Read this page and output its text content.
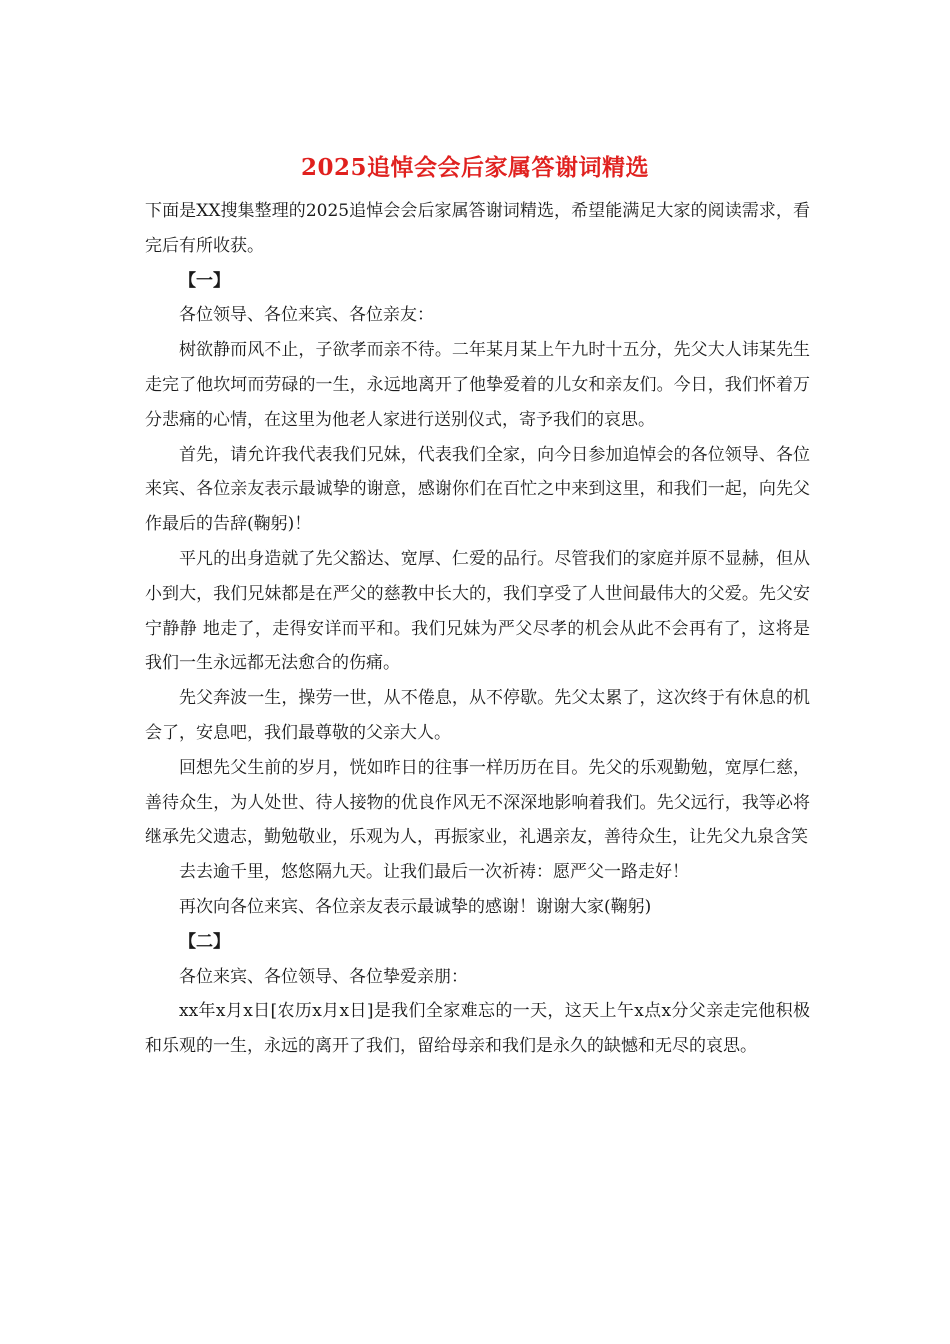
2025追悼会会后家属答谢词精选

下面是XX搜集整理的2025追悼会会后家属答谢词精选，希望能满足大家的阅读需求，看完后有所收获。

【一】

各位领导、各位来宾、各位亲友：

树欲静而风不止，子欲孝而亲不待。二年某月某上午九时十五分，先父大人讳某先生走完了他坎坷而劳碌的一生，永远地离开了他挚爱着的儿女和亲友们。今日，我们怀着万分悲痛的心情，在这里为他老人家进行送别仪式，寄予我们的哀思。

首先，请允许我代表我们兄妹，代表我们全家，向今日参加追悼会的各位领导、各位来宾、各位亲友表示最诚挚的谢意，感谢你们在百忙之中来到这里，和我们一起，向先父作最后的告辞(鞠躬)！

平凡的出身造就了先父豁达、宽厚、仁爱的品行。尽管我们的家庭并原不显赫，但从小到大，我们兄妹都是在严父的慈教中长大的，我们享受了人世间最伟大的父爱。先父安宁静静 地走了，走得安详而平和。我们兄妹为严父尽孝的机会从此不会再有了，这将是我们一生永远都无法愈合的伤痛。

先父奔波一生，操劳一世，从不倦息，从不停歇。先父太累了，这次终于有休息的机会了，安息吧，我们最尊敬的父亲大人。

回想先父生前的岁月，恍如昨日的往事一样历历在目。先父的乐观勤勉，宽厚仁慈，善待众生，为人处世、待人接物的优良作风无不深深地影响着我们。先父远行，我等必将继承先父遗志，勤勉敬业，乐观为人，再振家业，礼遇亲友，善待众生，让先父九泉含笑

去去逾千里，悠悠隔九天。让我们最后一次祈祷：愿严父一路走好！

再次向各位来宾、各位亲友表示最诚挚的感谢！谢谢大家(鞠躬)

【二】

各位来宾、各位领导、各位挚爱亲朋：

xx年x月x日[农历x月x日]是我们全家难忘的一天，这天上午x点x分父亲走完他积极和乐观的一生，永远的离开了我们，留给母亲和我们是永久的缺憾和无尽的哀思。
